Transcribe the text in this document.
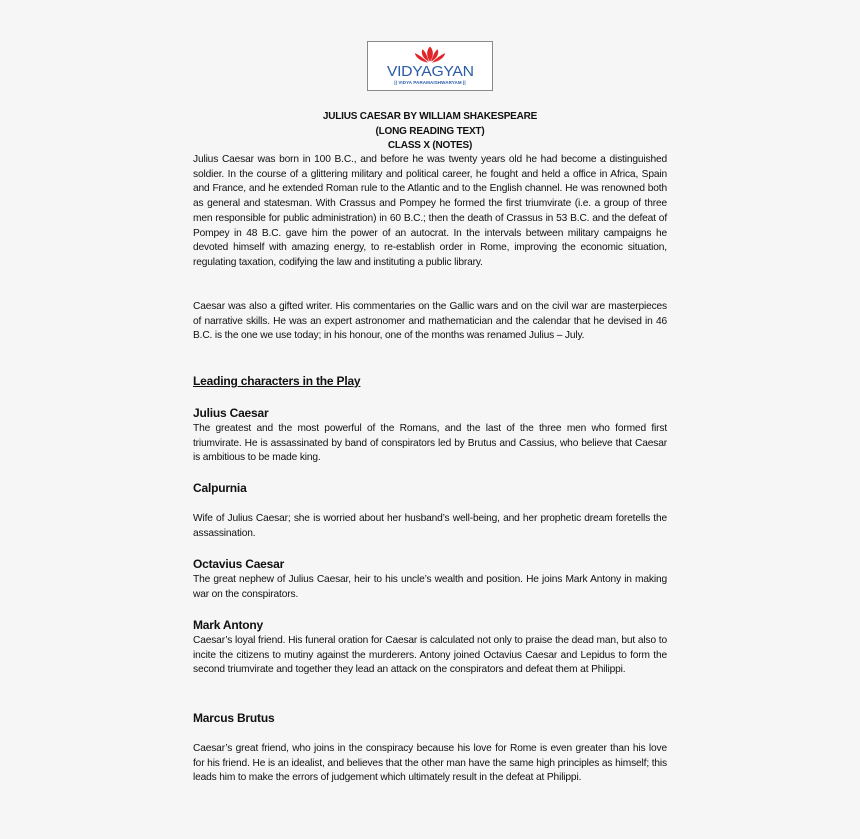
VIDYAGYAN
|| VIDYA PARAMAISHWARYAM ||
JULIUS CAESAR BY WILLIAM SHAKESPEARE
(LONG READING TEXT)
CLASS X (NOTES)

Julius Caesar was born in 100 B.C., and before he was twenty years old he had become a distinguished soldier. In the course of a glittering military and political career, he fought and held a office in Africa, Spain and France, and he extended Roman rule to the Atlantic and to the English channel. He was renowned both as general and statesman. With Crassus and Pompey he formed the first triumvirate (i.e. a group of three men responsible for public administration) in 60 B.C.; then the death of Crassus in 53 B.C. and the defeat of Pompey in 48 B.C. gave him the power of an autocrat. In the intervals between military campaigns he devoted himself with amazing energy, to re-establish order in Rome, improving the economic situation, regulating taxation, codifying the law and instituting a public library.

Caesar was also a gifted writer. His commentaries on the Gallic wars and on the civil war are masterpieces of narrative skills. He was an expert astronomer and mathematician and the calendar that he devised in 46 B.C. is the one we use today; in his honour, one of the months was renamed Julius – July.

Leading characters in the Play
Julius Caesar

The greatest and the most powerful of the Romans, and the last of the three men who formed first triumvirate. He is assassinated by band of conspirators led by Brutus and Cassius, who believe that Caesar is ambitious to be made king.

Calpurnia

Wife of Julius Caesar; she is worried about her husband’s well-being, and her prophetic dream foretells the assassination.

Octavius Caesar

The great nephew of Julius Caesar, heir to his uncle’s wealth and position. He joins Mark Antony in making war on the conspirators.

Mark Antony

Caesar’s loyal friend. His funeral oration for Caesar is calculated not only to praise the dead man, but also to incite the citizens to mutiny against the murderers. Antony joined Octavius Caesar and Lepidus to form the second triumvirate and together they lead an attack on the conspirators and defeat them at Philippi.

Marcus Brutus

Caesar’s great friend, who joins in the conspiracy because his love for Rome is even greater than his love for his friend. He is an idealist, and believes that the other man have the same high principles as himself; this leads him to make the errors of judgement which ultimately result in the defeat at Philippi.
